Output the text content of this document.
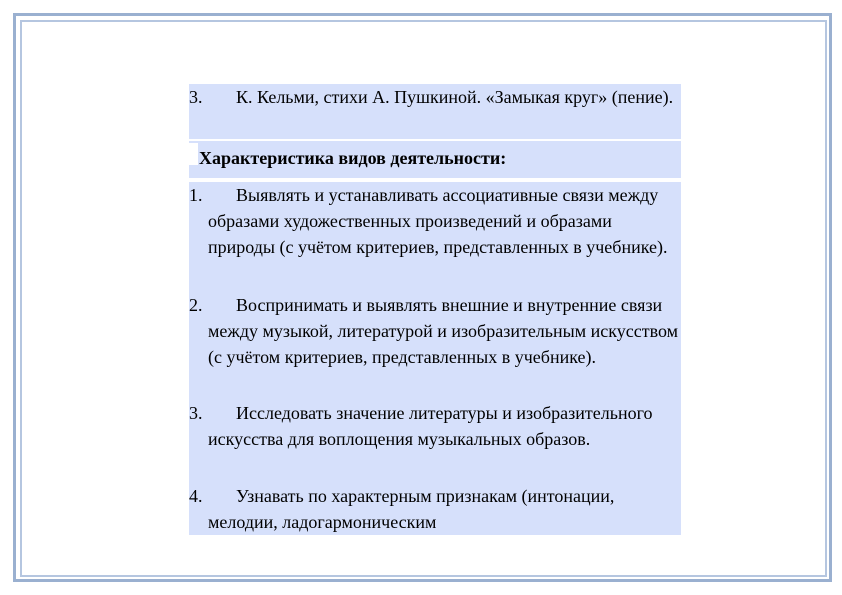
3.	К. Кельми, стихи А. Пушкиной. «Замыкая круг» (пение).
Характеристика видов деятельности:
1.	Выявлять и устанавливать ассоциативные связи между образами художественных произведений и образами природы (с учётом критериев, представленных в учебнике).
2.	Воспринимать и выявлять внешние и внутренние связи между музыкой, литературой и изобразительным искусством (с учётом критериев, представленных в учебнике).
3.	Исследовать значение литературы и изобразительного искусства для воплощения музыкальных образов.
4.	Узнавать по характерным признакам (интонации, мелодии, ладогармоническим
